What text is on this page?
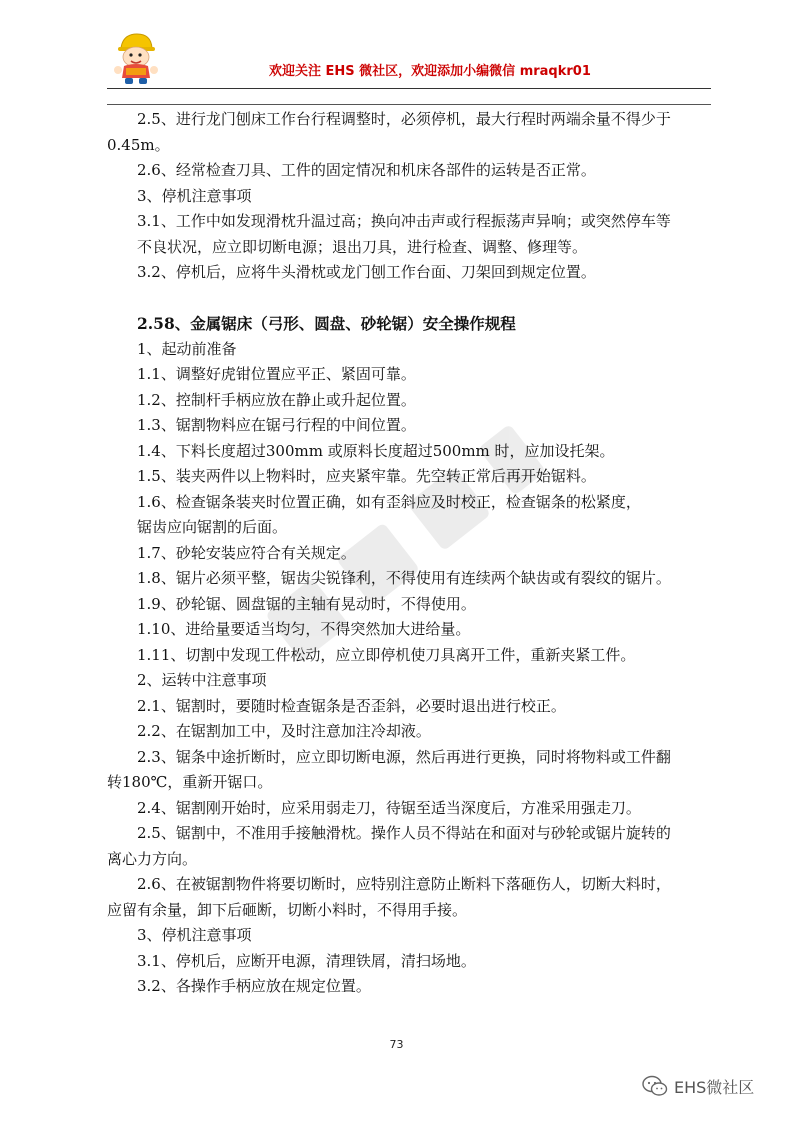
欢迎关注 EHS 微社区，欢迎添加小编微信 mraqkr01

2.5、进行龙门刨床工作台行程调整时，必须停机，最大行程时两端余量不得少于

0.45m。

2.6、经常检查刀具、工件的固定情况和机床各部件的运转是否正常。

3、停机注意事项

3.1、工作中如发现滑枕升温过高；换向冲击声或行程振荡声异响；或突然停车等

不良状况，应立即切断电源；退出刀具，进行检查、调整、修理等。

3.2、停机后，应将牛头滑枕或龙门刨工作台面、刀架回到规定位置。

2.58、金属锯床（弓形、圆盘、砂轮锯）安全操作规程

1、起动前准备

1.1、调整好虎钳位置应平正、紧固可靠。

1.2、控制杆手柄应放在静止或升起位置。

1.3、锯割物料应在锯弓行程的中间位置。

1.4、下料长度超过300mm 或原料长度超过500mm 时，应加设托架。

1.5、装夹两件以上物料时，应夹紧牢靠。先空转正常后再开始锯料。

1.6、检查锯条装夹时位置正确，如有歪斜应及时校正，检查锯条的松紧度，

锯齿应向锯割的后面。

1.7、砂轮安装应符合有关规定。

1.8、锯片必须平整，锯齿尖锐锋利，不得使用有连续两个缺齿或有裂纹的锯片。

1.9、砂轮锯、圆盘锯的主轴有晃动时，不得使用。

1.10、进给量要适当均匀，不得突然加大进给量。

1.11、切割中发现工件松动，应立即停机使刀具离开工件，重新夹紧工件。

2、运转中注意事项

2.1、锯割时，要随时检查锯条是否歪斜，必要时退出进行校正。

2.2、在锯割加工中，及时注意加注冷却液。

2.3、锯条中途折断时，应立即切断电源，然后再进行更换，同时将物料或工件翻

转180℃，重新开锯口。

2.4、锯割刚开始时，应采用弱走刀，待锯至适当深度后，方准采用强走刀。

2.5、锯割中，不准用手接触滑枕。操作人员不得站在和面对与砂轮或锯片旋转的

离心力方向。

2.6、在被锯割物件将要切断时，应特别注意防止断料下落砸伤人，切断大料时，

应留有余量，卸下后砸断，切断小料时，不得用手接。

3、停机注意事项

3.1、停机后，应断开电源，清理铁屑，清扫场地。

3.2、各操作手柄应放在规定位置。

73
EHS微社区
